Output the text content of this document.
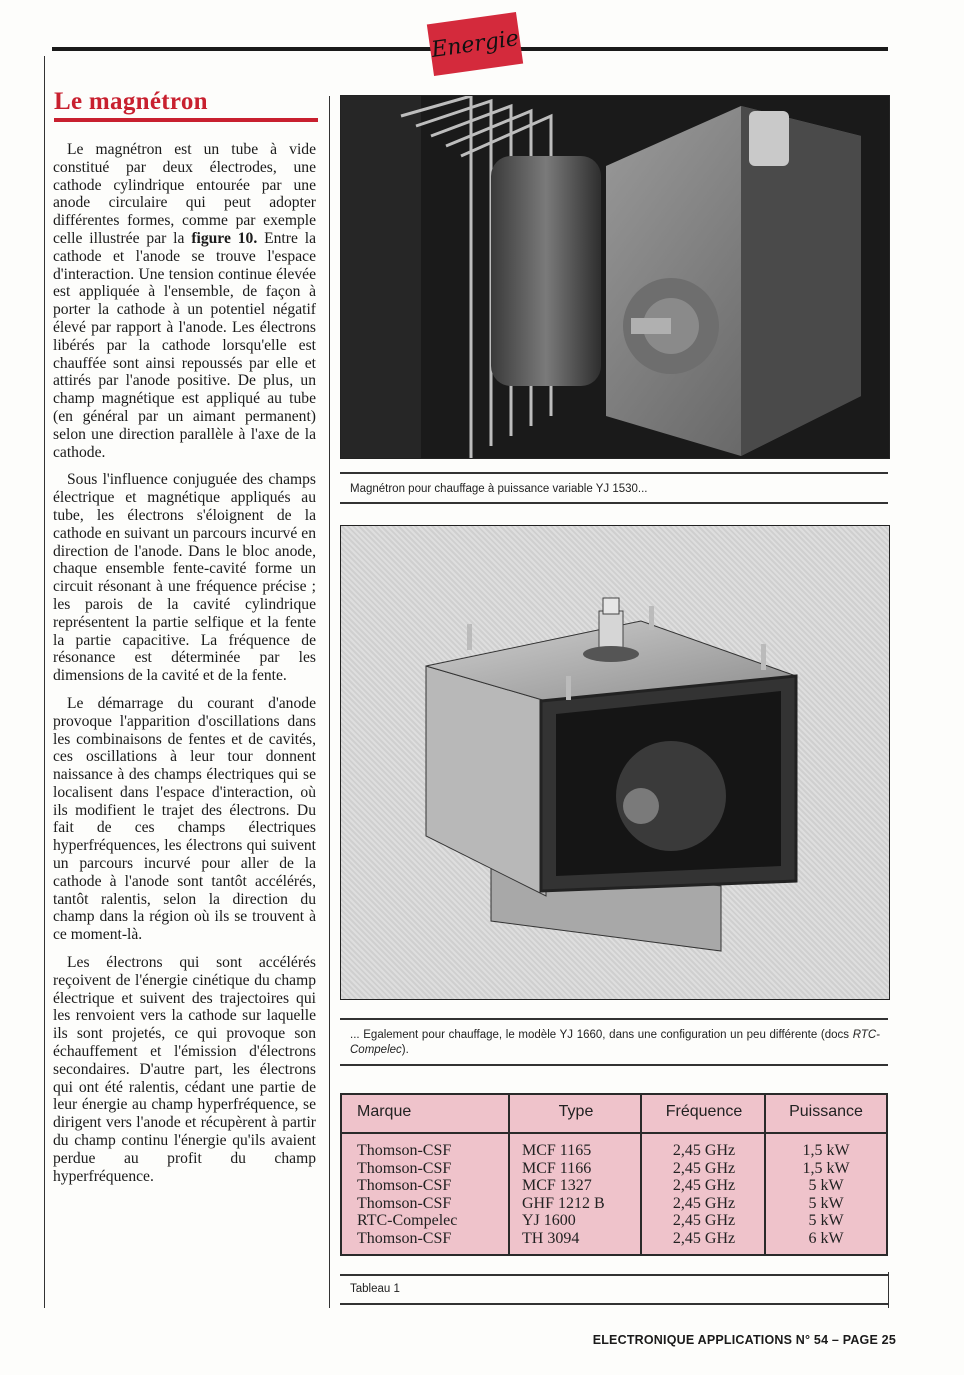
Energie
Le magnétron

Le magnétron est un tube à vide constitué par deux électrodes, une cathode cylindrique entourée par une anode circulaire qui peut adopter différentes formes, comme par exemple celle illustrée par la figure 10. Entre la cathode et l'anode se trouve l'espace d'interaction. Une tension continue élevée est appliquée à l'ensemble, de façon à porter la cathode à un potentiel négatif élevé par rapport à l'anode. Les électrons libérés par la cathode lorsqu'elle est chauffée sont ainsi repoussés par elle et attirés par l'anode positive. De plus, un champ magnétique est appliqué au tube (en général par un aimant permanent) selon une direction parallèle à l'axe de la cathode.

Sous l'influence conjuguée des champs électrique et magnétique appliqués au tube, les électrons s'éloignent de la cathode en suivant un parcours incurvé en direction de l'anode. Dans le bloc anode, chaque ensemble fente-cavité forme un circuit résonant à une fréquence précise ; les parois de la cavité cylindrique représentent la partie selfique et la fente la partie capacitive. La fréquence de résonance est déterminée par les dimensions de la cavité et de la fente.

Le démarrage du courant d'anode provoque l'apparition d'oscillations dans les combinaisons de fentes et de cavités, ces oscillations à leur tour donnent naissance à des champs électriques qui se localisent dans l'espace d'interaction, où ils modifient le trajet des électrons. Du fait de ces champs électriques hyperfréquences, les électrons qui suivent un parcours incurvé pour aller de la cathode à l'anode sont tantôt accélérés, tantôt ralentis, selon la direction du champ dans la région où ils se trouvent à ce moment-là.

Les électrons qui sont accélérés reçoivent de l'énergie cinétique du champ électrique et suivent des trajectoires qui les renvoient vers la cathode sur laquelle ils sont projetés, ce qui provoque son échauffement et l'émission d'électrons secondaires. D'autre part, les électrons qui ont été ralentis, cédant une partie de leur énergie au champ hyperfréquence, se dirigent vers l'anode et récupèrent à partir du champ continu l'énergie qu'ils avaient perdue au profit du champ hyperfréquence.

Magnétron pour chauffage à puissance variable YJ 1530...
... Egalement pour chauffage, le modèle YJ 1660, dans une configuration un peu différente (docs RTC-Compelec).
Marque	Type	Fréquence	Puissance
Thomson-CSF	MCF 1165	2,45 GHz	1,5 kW
Thomson-CSF	MCF 1166	2,45 GHz	1,5 kW
Thomson-CSF	MCF 1327	2,45 GHz	5 kW
Thomson-CSF	GHF 1212 B	2,45 GHz	5 kW
RTC-Compelec	YJ 1600	2,45 GHz	5 kW
Thomson-CSF	TH 3094	2,45 GHz	6 kW
Tableau 1
ELECTRONIQUE APPLICATIONS N° 54 – PAGE 25
